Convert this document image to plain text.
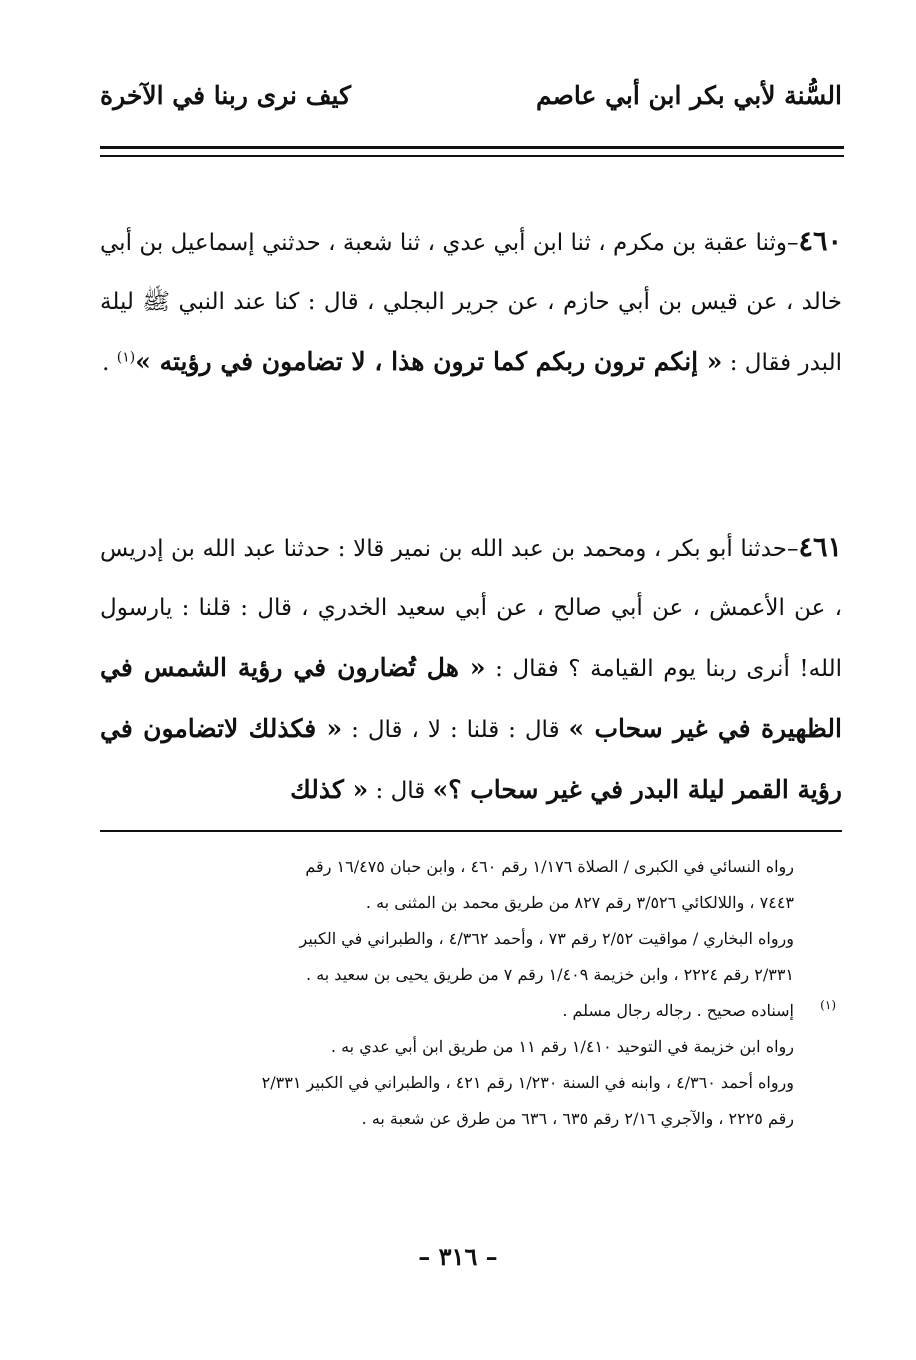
السُّنة لأبي بكر ابن أبي عاصم
كيف نرى ربنا في الآخرة

٤٦٠–وثنا عقبة بن مكرم ، ثنا ابن أبي عدي ، ثنا شعبة ، حدثني إسماعيل بن أبي خالد ، عن قيس بن أبي حازم ، عن جرير البجلي ، قال : كنا عند النبي ﷺ ليلة البدر فقال : « إنكم ترون ربكم كما ترون هذا ، لا تضامون في رؤيته »$^{(١)}$ .

٤٦١–حدثنا أبو بكر ، ومحمد بن عبد الله بن نمير قالا : حدثنا عبد الله بن إدريس ، عن الأعمش ، عن أبي صالح ، عن أبي سعيد الخدري ، قال : قلنا : يارسول الله! أنرى ربنا يوم القيامة ؟ فقال : « هل تُضارون في رؤية الشمس في الظهيرة في غير سحاب » قال : قلنا : لا ، قال : « فكذلك لاتضامون في رؤية القمر ليلة البدر في غير سحاب ؟» قال : « كذلك

رواه النسائي في الكبرى / الصلاة ١/١٧٦ رقم ٤٦٠ ، وابن حبان ١٦/٤٧٥ رقم
٧٤٤٣ ، واللالكائي ٣/٥٢٦ رقم ٨٢٧ من طريق محمد بن المثنى به .
ورواه البخاري / مواقيت ٢/٥٢ رقم ٧٣ ، وأحمد ٤/٣٦٢ ، والطبراني في الكبير
٢/٣٣١ رقم ٢٢٢٤ ، وابن خزيمة ١/٤٠٩ رقم ٧ من طريق يحيى بن سعيد به .
(١)
إسناده صحيح . رجاله رجال مسلم .
رواه ابن خزيمة في التوحيد ١/٤١٠ رقم ١١ من طريق ابن أبي عدي به .
ورواه أحمد ٤/٣٦٠ ، وابنه في السنة ١/٢٣٠ رقم ٤٢١ ، والطبراني في الكبير ٢/٣٣١
رقم ٢٢٢٥ ، والآجري ٢/١٦ رقم ٦٣٥ ، ٦٣٦ من طرق عن شعبة به .
– ٣١٦ –
